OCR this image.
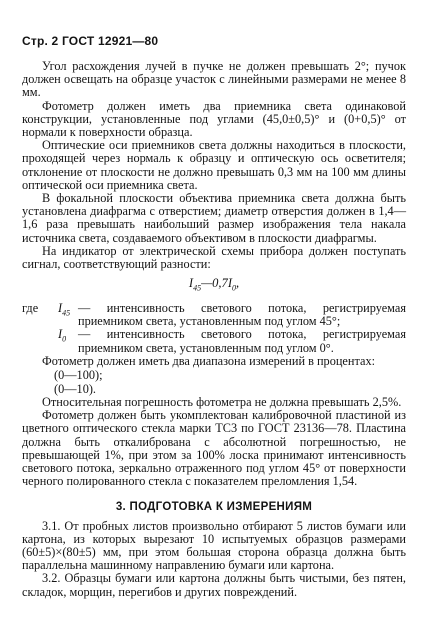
Стр. 2 ГОСТ 12921—80

Угол расхождения лучей в пучке не должен превышать 2°; пучок должен освещать на образце участок с линейными размерами не менее 8 мм.

Фотометр должен иметь два приемника света одинаковой конструкции, установленные под углами (45,0±0,5)° и (0+0,5)° от нормали к поверхности образца.

Оптические оси приемников света должны находиться в плоскости, проходящей через нормаль к образцу и оптическую ось осветителя; отклонение от плоскости не должно превышать 0,3 мм на 100 мм длины оптической оси приемника света.

В фокальной плоскости объектива приемника света должна быть установлена диафрагма с отверстием; диаметр отверстия должен в 1,4—1,6 раза превышать наибольший размер изображения тела накала источника света, создаваемого объективом в плоскости диафрагмы.

На индикатор от электрической схемы прибора должен поступать сигнал, соответствующий разности:

$I_{45}—0,7I_0$,
где	$I_{45}$ — интенсивность светового потока, регистрируемая приемником света, установленным под углом 45°;
$I_0$ — интенсивность светового потока, регистрируемая приемником света, установленным под углом 0°.

Фотометр должен иметь два диапазона измерений в процентах:

(0—100);
(0—10).

Относительная погрешность фотометра не должна превышать 2,5%.

Фотометр должен быть укомплектован калибровочной пластиной из цветного оптического стекла марки ТС3 по ГОСТ 23136—78. Пластина должна быть откалиброванa с абсолютной погрешностью, не превышающей 1%, при этом за 100% лоска принимают интенсивность светового потока, зеркально отраженного под углом 45° от поверхности черного полированного стекла с показателем преломления 1,54.

3. ПОДГОТОВКА К ИЗМЕРЕНИЯМ

3.1. От пробных листов произвольно отбирают 5 листов бумаги или картона, из которых вырезают 10 испытуемых образцов размерами (60±5)×(80±5) мм, при этом большая сторона образца должна быть параллельна машинному направлению бумаги или картона.

3.2. Образцы бумаги или картона должны быть чистыми, без пятен, складок, морщин, перегибов и других повреждений.
